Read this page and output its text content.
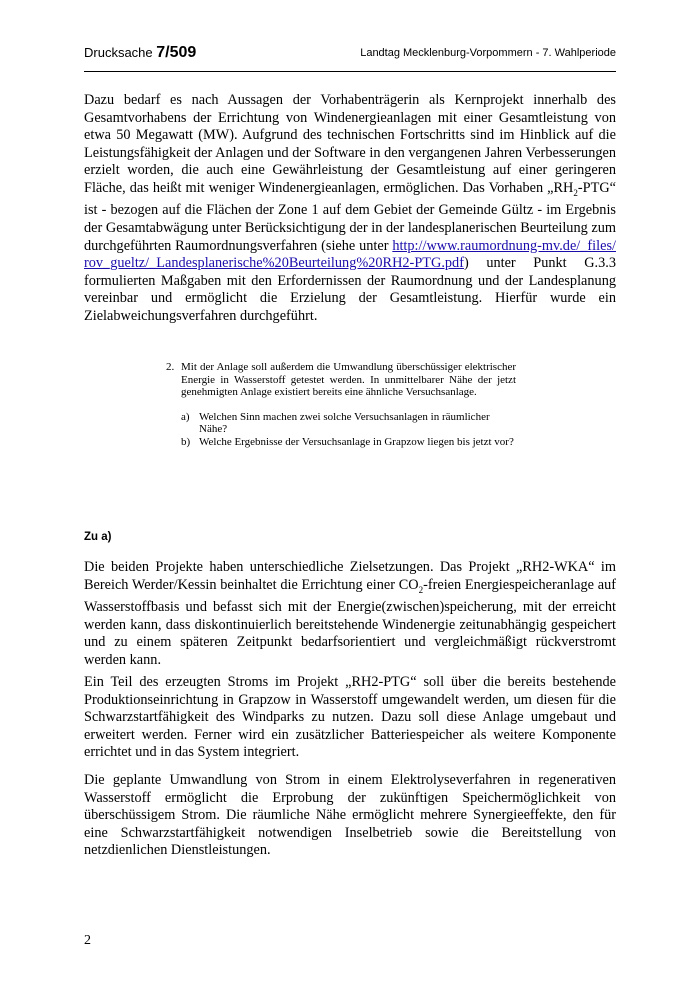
Drucksache 7/509	Landtag Mecklenburg-Vorpommern - 7. Wahlperiode

Dazu bedarf es nach Aussagen der Vorhabenträgerin als Kernprojekt innerhalb des Gesamtvorhabens der Errichtung von Windenergieanlagen mit einer Gesamtleistung von etwa 50 Megawatt (MW). Aufgrund des technischen Fortschritts sind im Hinblick auf die Leistungsfähigkeit der Anlagen und der Software in den vergangenen Jahren Verbesserungen erzielt worden, die auch eine Gewährleistung der Gesamtleistung auf einer geringeren Fläche, das heißt mit weniger Windenergieanlagen, ermöglichen. Das Vorhaben $„RH_2-PTG“$ ist - bezogen auf die Flächen der Zone 1 auf dem Gebiet der Gemeinde Gültz - im Ergebnis der Gesamtabwägung unter Berücksichtigung der in der landesplanerischen Beurteilung zum durchgeführten Raumordnungsverfahren (siehe unter http://www.raumordnung-mv.de/_files/rov_gueltz/_Landesplanerische%20Beurteilung%20RH2-PTG.pdf) unter Punkt G.3.3 formulierten Maßgaben mit den Erfordernissen der Raumordnung und der Landesplanung vereinbar und ermöglicht die Erzielung der Gesamtleistung. Hierfür wurde ein Zielabweichungsverfahren durchgeführt.

2. Mit der Anlage soll außerdem die Umwandlung überschüssiger elektrischer Energie in Wasserstoff getestet werden. In unmittelbarer Nähe der jetzt genehmigten Anlage existiert bereits eine ähnliche Versuchsanlage.
a) Welchen Sinn machen zwei solche Versuchsanlagen in räumlicher Nähe?
b) Welche Ergebnisse der Versuchsanlage in Grapzow liegen bis jetzt vor?
Zu a)

Die beiden Projekte haben unterschiedliche Zielsetzungen. Das Projekt „RH2-WKA“ im Bereich Werder/Kessin beinhaltet die Errichtung einer $CO_2$-freien Energiespeicheranlage auf Wasserstoffbasis und befasst sich mit der Energie(zwischen)speicherung, mit der erreicht werden kann, dass diskontinuierlich bereitstehende Windenergie zeitunabhängig gespeichert und zu einem späteren Zeitpunkt bedarfsorientiert und vergleichmäßigt rückverstromt werden kann.

Ein Teil des erzeugten Stroms im Projekt „RH2-PTG“ soll über die bereits bestehende Produktionseinrichtung in Grapzow in Wasserstoff umgewandelt werden, um diesen für die Schwarzstartfähigkeit des Windparks zu nutzen. Dazu soll diese Anlage umgebaut und erweitert werden. Ferner wird ein zusätzlicher Batteriespeicher als weitere Komponente errichtet und in das System integriert.

Die geplante Umwandlung von Strom in einem Elektrolyseverfahren in regenerativen Wasserstoff ermöglicht die Erprobung der zukünftigen Speichermöglichkeit von überschüssigem Strom. Die räumliche Nähe ermöglicht mehrere Synergieeffekte, den für eine Schwarzstartfähigkeit notwendigen Inselbetrieb sowie die Bereitstellung von netzdienlichen Dienstleistungen.

2
